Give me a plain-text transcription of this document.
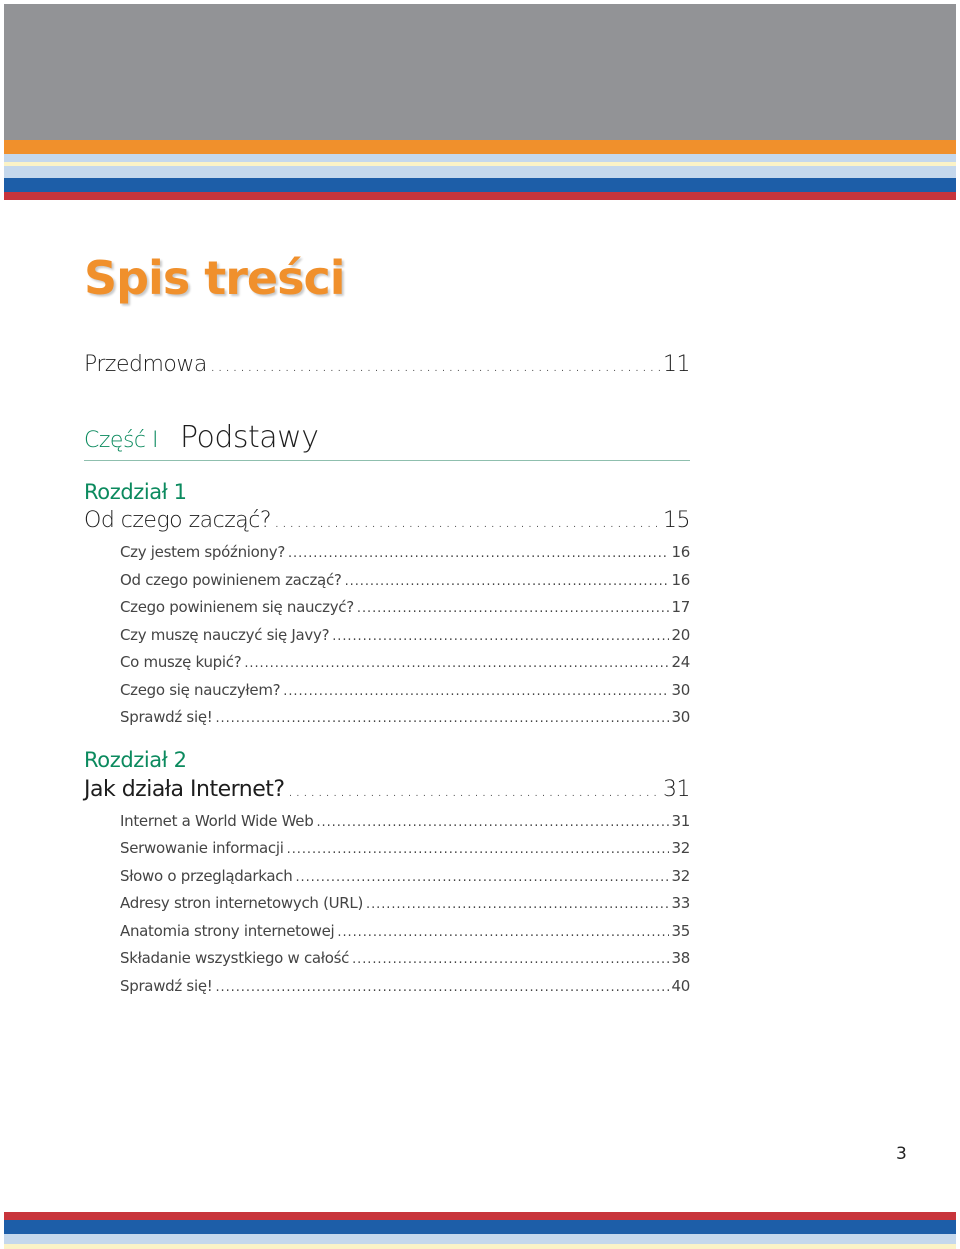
Spis treści
Przedmowa . . .	11
Część I Podstawy
Rozdział 1
Od czego zacząć? . . .	15
Czy jestem spóźniony? . . .	16
Od czego powinienem zacząć? . . .	16
Czego powinienem się nauczyć? . . .	17
Czy muszę nauczyć się Javy? . . .	20
Co muszę kupić? . . .	24
Czego się nauczyłem? . . .	30
Sprawdź się! . . .	30
Rozdział 2
Jak działa Internet? . . .	31
Internet a World Wide Web . . .	31
Serwowanie informacji . . .	32
Słowo o przeglądarkach . . .	32
Adresy stron internetowych (URL) . . .	33
Anatomia strony internetowej . . .	35
Składanie wszystkiego w całość . . .	38
Sprawdź się! . . .	40
3
